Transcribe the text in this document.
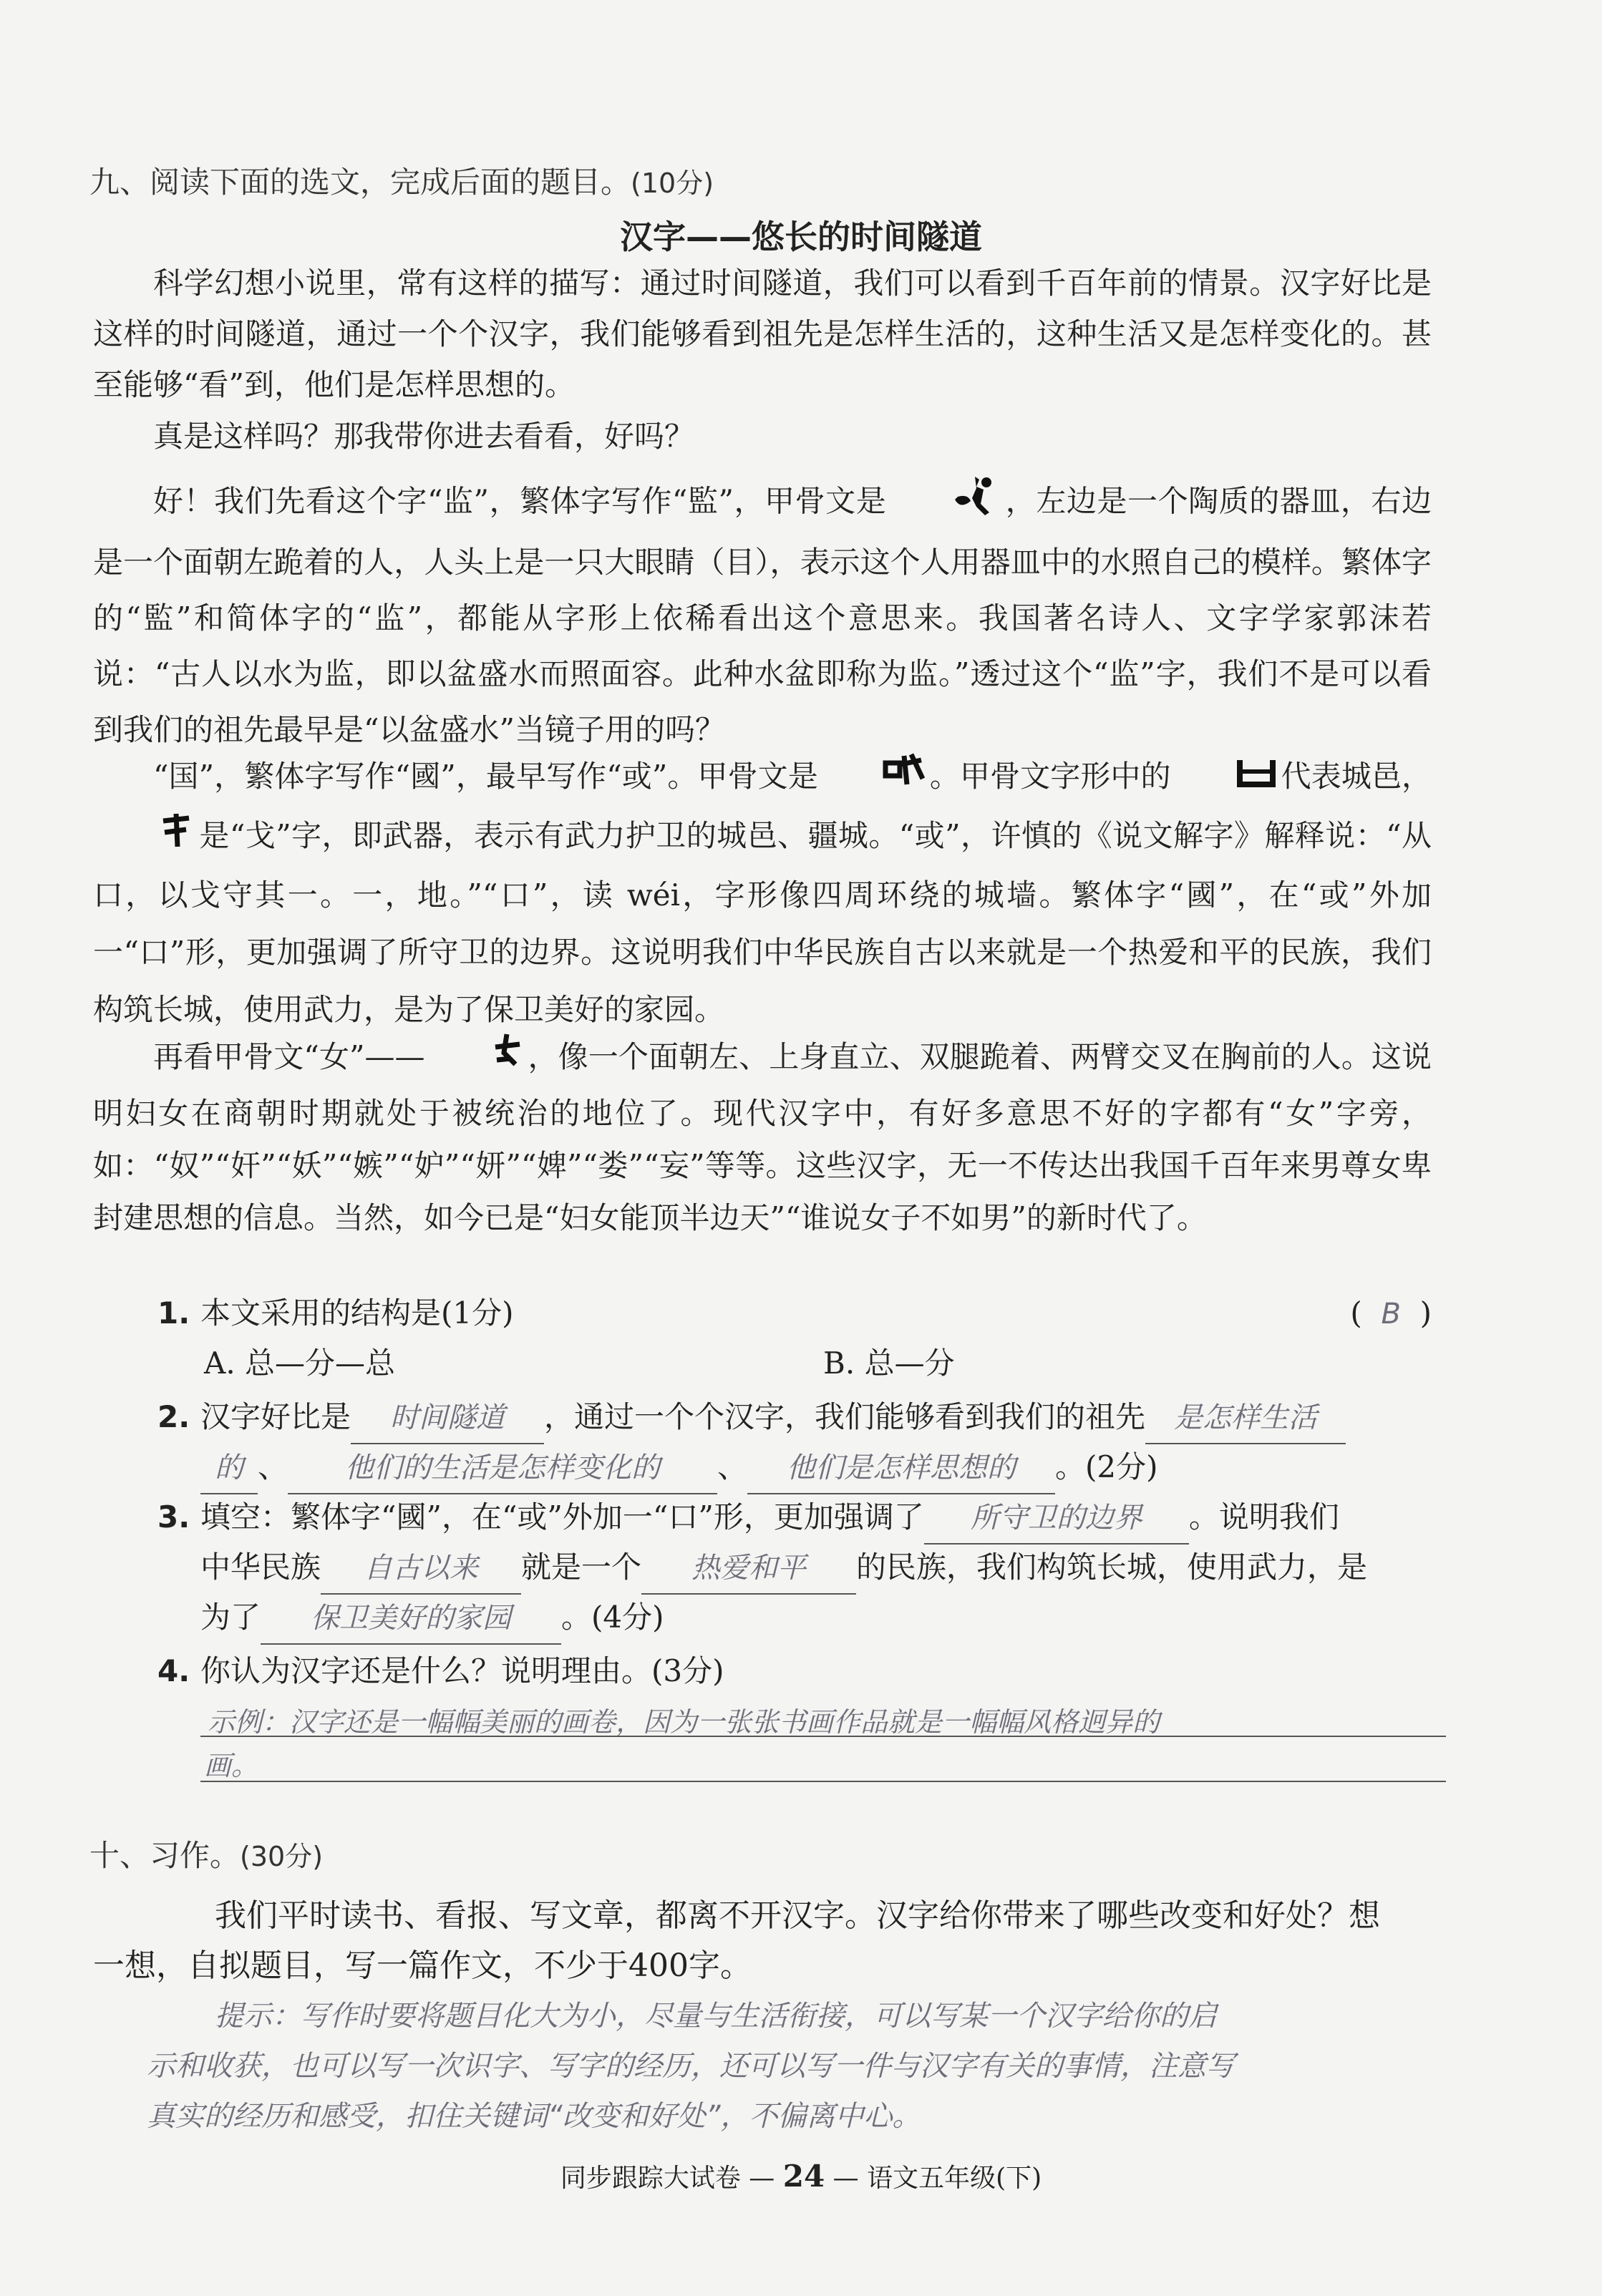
九、阅读下面的选文，完成后面的题目。(10分)
汉字——悠长的时间隧道
科学幻想小说里，常有这样的描写：通过时间隧道，我们可以看到千百年前的情景。汉字好比是这样的时间隧道，通过一个个汉字，我们能够看到祖先是怎样生活的，这种生活又是怎样变化的。甚至能够“看”到，他们是怎样思想的。
真是这样吗？那我带你进去看看，好吗？
好！我们先看这个字“监”，繁体字写作“監”，甲骨文是	，左边是一个陶质的器皿，右边是一个面朝左跪着的人，人头上是一只大眼睛（目），表示这个人用器皿中的水照自己的模样。繁体字的“監”和简体字的“监”，都能从字形上依稀看出这个意思来。我国著名诗人、文字学家郭沫若说：“古人以水为监，即以盆盛水而照面容。此种水盆即称为监。”透过这个“监”字，我们不是可以看到我们的祖先最早是“以盆盛水”当镜子用的吗？
“国”，繁体字写作“國”，最早写作“或”。甲骨文是	。甲骨文字形中的	代表城邑，是“戈”字，即武器，表示有武力护卫的城邑、疆城。“或”，许慎的《说文解字》解释说：“从口，以戈守其一。一，地。”“口”，读 wéi，字形像四周环绕的城墙。繁体字“國”，在“或”外加一“口”形，更加强调了所守卫的边界。这说明我们中华民族自古以来就是一个热爱和平的民族，我们构筑长城，使用武力，是为了保卫美好的家园。
再看甲骨文“女”——	，像一个面朝左、上身直立、双腿跪着、两臂交叉在胸前的人。这说明妇女在商朝时期就处于被统治的地位了。现代汉字中，有好多意思不好的字都有“女”字旁，如：“奴”“奸”“妖”“嫉”“妒”“妍”“婢”“娄”“妄”等等。这些汉字，无一不传达出我国千百年来男尊女卑封建思想的信息。当然，如今已是“妇女能顶半边天”“谁说女子不如男”的新时代了。
1. 本文采用的结构是(1分)	( B )
A. 总—分—总	B. 总—分
2. 汉字好比是 时间隧道 ，通过一个个汉字，我们能够看到我们的祖先 是怎样生活
的 、 他们的生活是怎样变化的 、 他们是怎样思想的 。(2分)
3. 填空：繁体字“國”，在“或”外加一“口”形，更加强调了 所守卫的边界 。说明我们
中华民族 自古以来 就是一个 热爱和平 的民族，我们构筑长城，使用武力，是
为了 保卫美好的家园 。(4分)
4. 你认为汉字还是什么？说明理由。(3分)
示例：汉字还是一幅幅美丽的画卷，因为一张张书画作品就是一幅幅风格迥异的
画。
十、习作。(30分)
我们平时读书、看报、写文章，都离不开汉字。汉字给你带来了哪些改变和好处？想
一想，自拟题目，写一篇作文，不少于400字。
提示：写作时要将题目化大为小，尽量与生活衔接，可以写某一个汉字给你的启
示和收获，也可以写一次识字、写字的经历，还可以写一件与汉字有关的事情，注意写
真实的经历和感受，扣住关键词“改变和好处”，不偏离中心。
同步跟踪大试卷 — 24 — 语文五年级(下)
